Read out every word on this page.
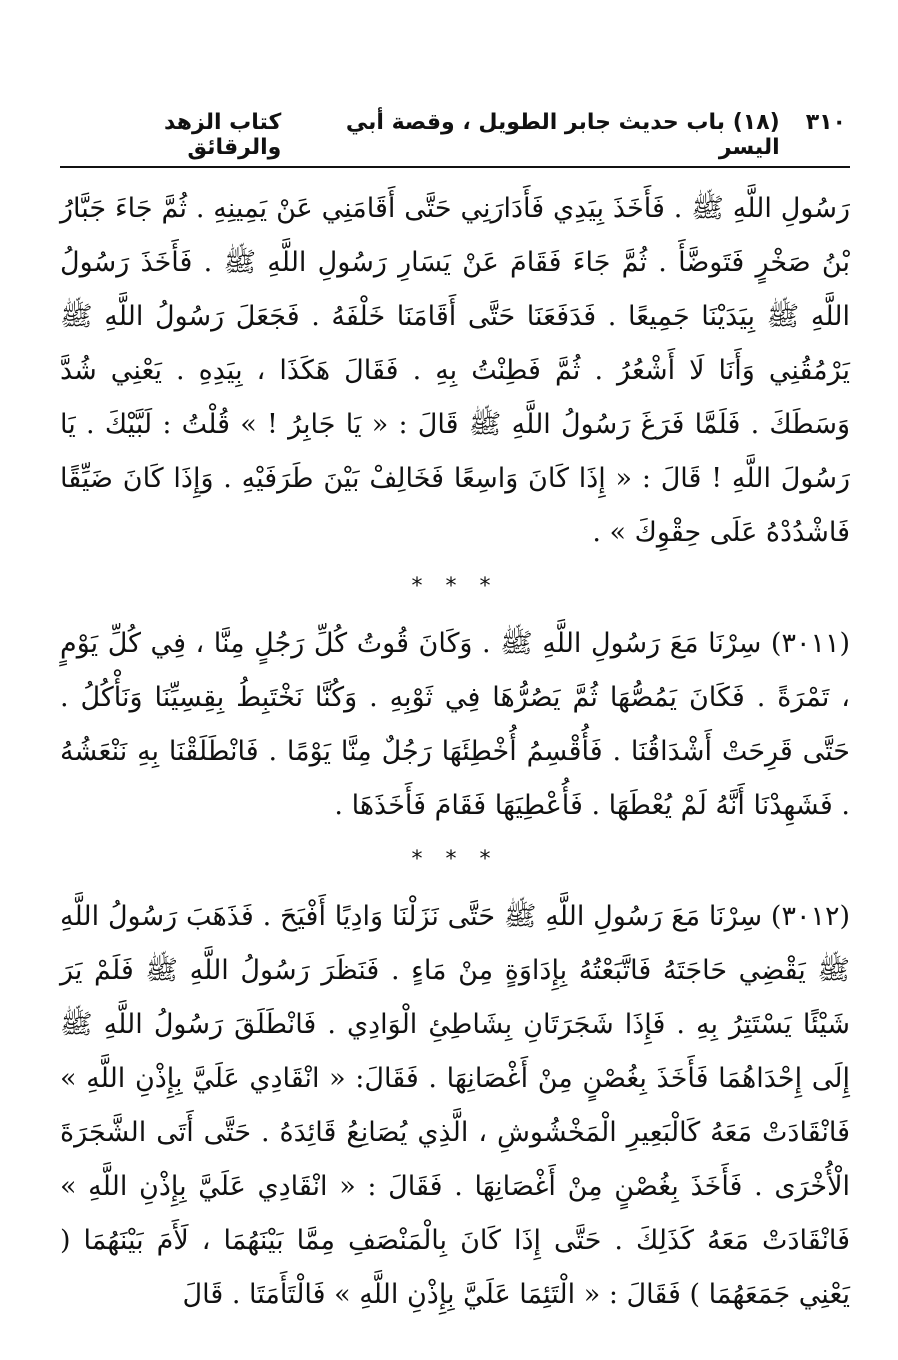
٣١٠
(١٨) باب حديث جابر الطويل ، وقصة أبي اليسر
كتاب الزهد والرقائق

رَسُولِ اللَّهِ ﷺ . فَأَخَذَ بِيَدِي فَأَدَارَنِي حَتَّى أَقَامَنِي عَنْ يَمِينِهِ . ثُمَّ جَاءَ جَبَّارُ بْنُ صَخْرٍ فَتَوضَّأَ . ثُمَّ جَاءَ فَقَامَ عَنْ يَسَارِ رَسُولِ اللَّهِ ﷺ . فَأَخَذَ رَسُولُ اللَّهِ ﷺ بِيَدَيْنَا جَمِيعًا . فَدَفَعَنَا حَتَّى أَقَامَنَا خَلْفَهُ . فَجَعَلَ رَسُولُ اللَّهِ ﷺ يَرْمُقُنِي وَأَنَا لَا أَشْعُرُ . ثُمَّ فَطِنْتُ بِهِ . فَقَالَ هَكَذَا ، بِيَدِهِ . يَعْنِي شُدَّ وَسَطَكَ . فَلَمَّا فَرَغَ رَسُولُ اللَّهِ ﷺ قَالَ : « يَا جَابِرُ ! » قُلْتُ : لَبَّيْكَ . يَا رَسُولَ اللَّهِ ! قَالَ : « إِذَا كَانَ وَاسِعًا فَخَالِفْ بَيْنَ طَرَفَيْهِ . وَإِذَا كَانَ ضَيِّقًا فَاشْدُدْهُ عَلَى حِقْوِكَ » .

* * *

(٣٠١١) سِرْنَا مَعَ رَسُولِ اللَّهِ ﷺ . وَكَانَ قُوتُ كُلِّ رَجُلٍ مِنَّا ، فِي كُلِّ يَوْمٍ ، تَمْرَةً . فَكَانَ يَمُصُّهَا ثُمَّ يَصُرُّهَا فِي ثَوْبِهِ . وَكُنَّا نَخْتَبِطُ بِقِسِيِّنَا وَنَأْكُلُ . حَتَّى قَرِحَتْ أَشْدَاقُنَا . فَأُقْسِمُ أُخْطِئَهَا رَجُلٌ مِنَّا يَوْمًا . فَانْطَلَقْنَا بِهِ نَنْعَشُهُ . فَشَهِدْنَا أَنَّهُ لَمْ يُعْطَهَا . فَأُعْطِيَهَا فَقَامَ فَأَخَذَهَا .

* * *

(٣٠١٢) سِرْنَا مَعَ رَسُولِ اللَّهِ ﷺ حَتَّى نَزَلْنَا وَادِيًا أَفْيَحَ . فَذَهَبَ رَسُولُ اللَّهِ ﷺ يَقْضِي حَاجَتَهُ فَاتَّبَعْتُهُ بِإِدَاوَةٍ مِنْ مَاءٍ . فَنَظَرَ رَسُولُ اللَّهِ ﷺ فَلَمْ يَرَ شَيْئًا يَسْتَتِرُ بِهِ . فَإِذَا شَجَرَتَانِ بِشَاطِئِ الْوَادِي . فَانْطَلَقَ رَسُولُ اللَّهِ ﷺ إِلَى إِحْدَاهُمَا فَأَخَذَ بِغُصْنٍ مِنْ أَغْصَانِهَا . فَقَالَ: « انْقَادِي عَلَيَّ بِإِذْنِ اللَّهِ » فَانْقَادَتْ مَعَهُ كَالْبَعِيرِ الْمَخْشُوشِ ، الَّذِي يُصَانِعُ قَائِدَهُ . حَتَّى أَتَى الشَّجَرَةَ الْأُخْرَى . فَأَخَذَ بِغُصْنٍ مِنْ أَغْصَانِهَا . فَقَالَ : « انْقَادِي عَلَيَّ بِإِذْنِ اللَّهِ » فَانْقَادَتْ مَعَهُ كَذَلِكَ . حَتَّى إِذَا كَانَ بِالْمَنْصَفِ مِمَّا بَيْنَهُمَا ، لَأَمَ بَيْنَهُمَا ( يَعْنِي جَمَعَهُمَا ) فَقَالَ : « الْتَئِمَا عَلَيَّ بِإِذْنِ اللَّهِ » فَالْتَأَمَتَا . قَالَ
